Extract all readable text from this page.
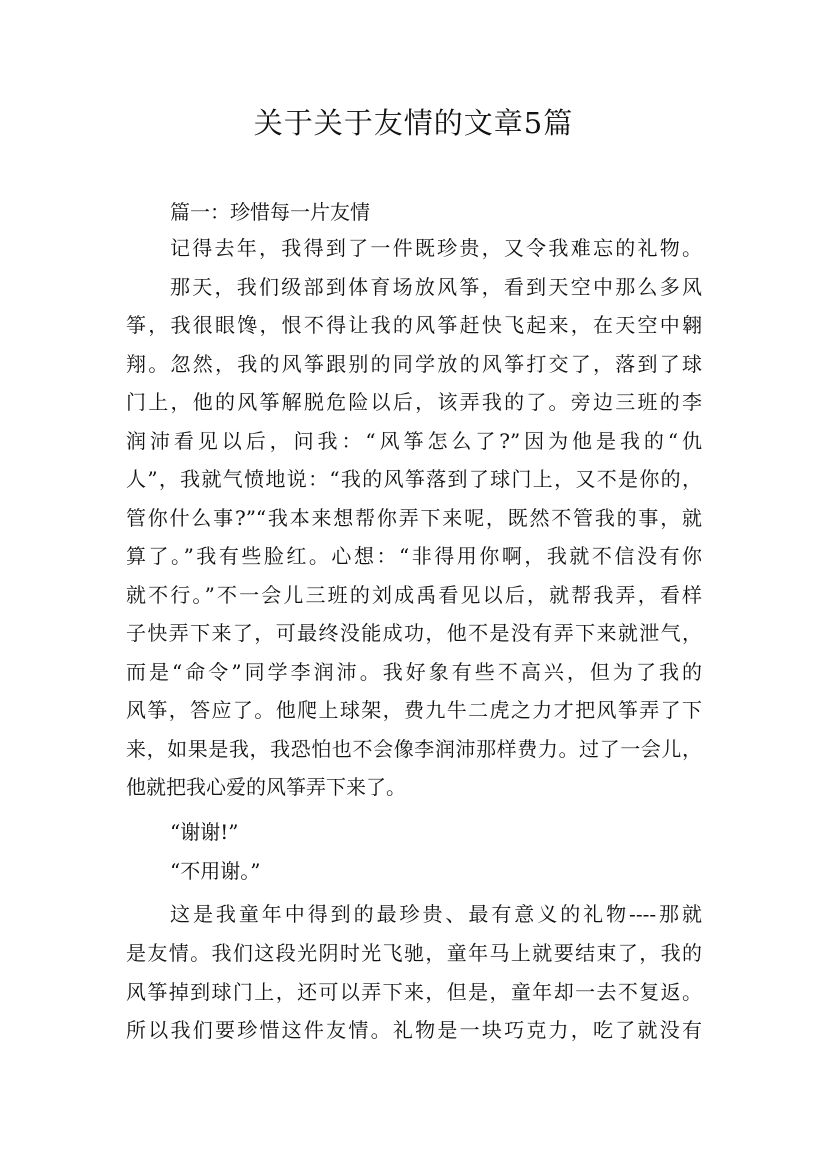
关于关于友情的文章5篇
篇一：珍惜每一片友情
记得去年，我得到了一件既珍贵，又令我难忘的礼物。
那天，我们级部到体育场放风筝，看到天空中那么多风
筝，我很眼馋，恨不得让我的风筝赶快飞起来，在天空中翱
翔。忽然，我的风筝跟别的同学放的风筝打交了，落到了球
门上，他的风筝解脱危险以后，该弄我的了。旁边三班的李
润沛看见以后，问我：“风筝怎么了?”因为他是我的“仇
人”，我就气愤地说：“我的风筝落到了球门上，又不是你的，
管你什么事?”“我本来想帮你弄下来呢，既然不管我的事，就
算了。”我有些脸红。心想：“非得用你啊，我就不信没有你
就不行。”不一会儿三班的刘成禹看见以后，就帮我弄，看样
子快弄下来了，可最终没能成功，他不是没有弄下来就泄气，
而是“命令”同学李润沛。我好象有些不高兴，但为了我的
风筝，答应了。他爬上球架，费九牛二虎之力才把风筝弄了下
来，如果是我，我恐怕也不会像李润沛那样费力。过了一会儿，
他就把我心爱的风筝弄下来了。
“谢谢!”
“不用谢。”
这是我童年中得到的最珍贵、最有意义的礼物----那就
是友情。我们这段光阴时光飞驰，童年马上就要结束了，我的
风筝掉到球门上，还可以弄下来，但是，童年却一去不复返。
所以我们要珍惜这件友情。礼物是一块巧克力，吃了就没有
